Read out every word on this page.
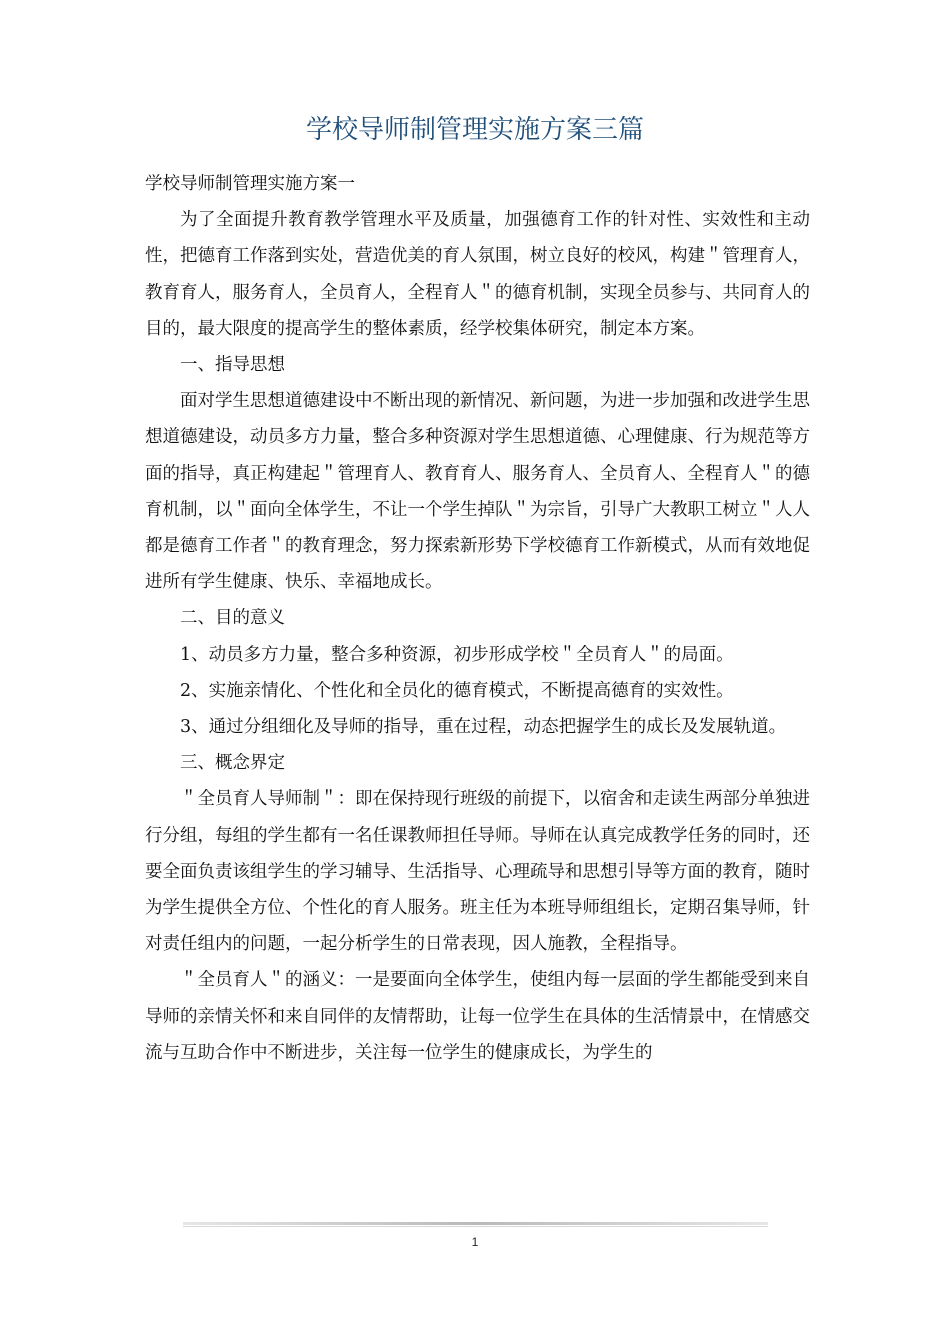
学校导师制管理实施方案三篇

学校导师制管理实施方案一

为了全面提升教育教学管理水平及质量，加强德育工作的针对性、实效性和主动性，把德育工作落到实处，营造优美的育人氛围，树立良好的校风，构建＂管理育人，教育育人，服务育人，全员育人，全程育人＂的德育机制，实现全员参与、共同育人的目的，最大限度的提高学生的整体素质，经学校集体研究，制定本方案。

一、指导思想

面对学生思想道德建设中不断出现的新情况、新问题，为进一步加强和改进学生思想道德建设，动员多方力量，整合多种资源对学生思想道德、心理健康、行为规范等方面的指导，真正构建起＂管理育人、教育育人、服务育人、全员育人、全程育人＂的德育机制，以＂面向全体学生，不让一个学生掉队＂为宗旨，引导广大教职工树立＂人人都是德育工作者＂的教育理念，努力探索新形势下学校德育工作新模式，从而有效地促进所有学生健康、快乐、幸福地成长。

二、目的意义

1、动员多方力量，整合多种资源，初步形成学校＂全员育人＂的局面。

2、实施亲情化、个性化和全员化的德育模式，不断提高德育的实效性。

3、通过分组细化及导师的指导，重在过程，动态把握学生的成长及发展轨道。

三、概念界定

＂全员育人导师制＂：即在保持现行班级的前提下，以宿舍和走读生两部分单独进行分组，每组的学生都有一名任课教师担任导师。导师在认真完成教学任务的同时，还要全面负责该组学生的学习辅导、生活指导、心理疏导和思想引导等方面的教育，随时为学生提供全方位、个性化的育人服务。班主任为本班导师组组长，定期召集导师，针对责任组内的问题，一起分析学生的日常表现，因人施教，全程指导。

＂全员育人＂的涵义：一是要面向全体学生，使组内每一层面的学生都能受到来自导师的亲情关怀和来自同伴的友情帮助，让每一位学生在具体的生活情景中，在情感交流与互助合作中不断进步，关注每一位学生的健康成长，为学生的

1
